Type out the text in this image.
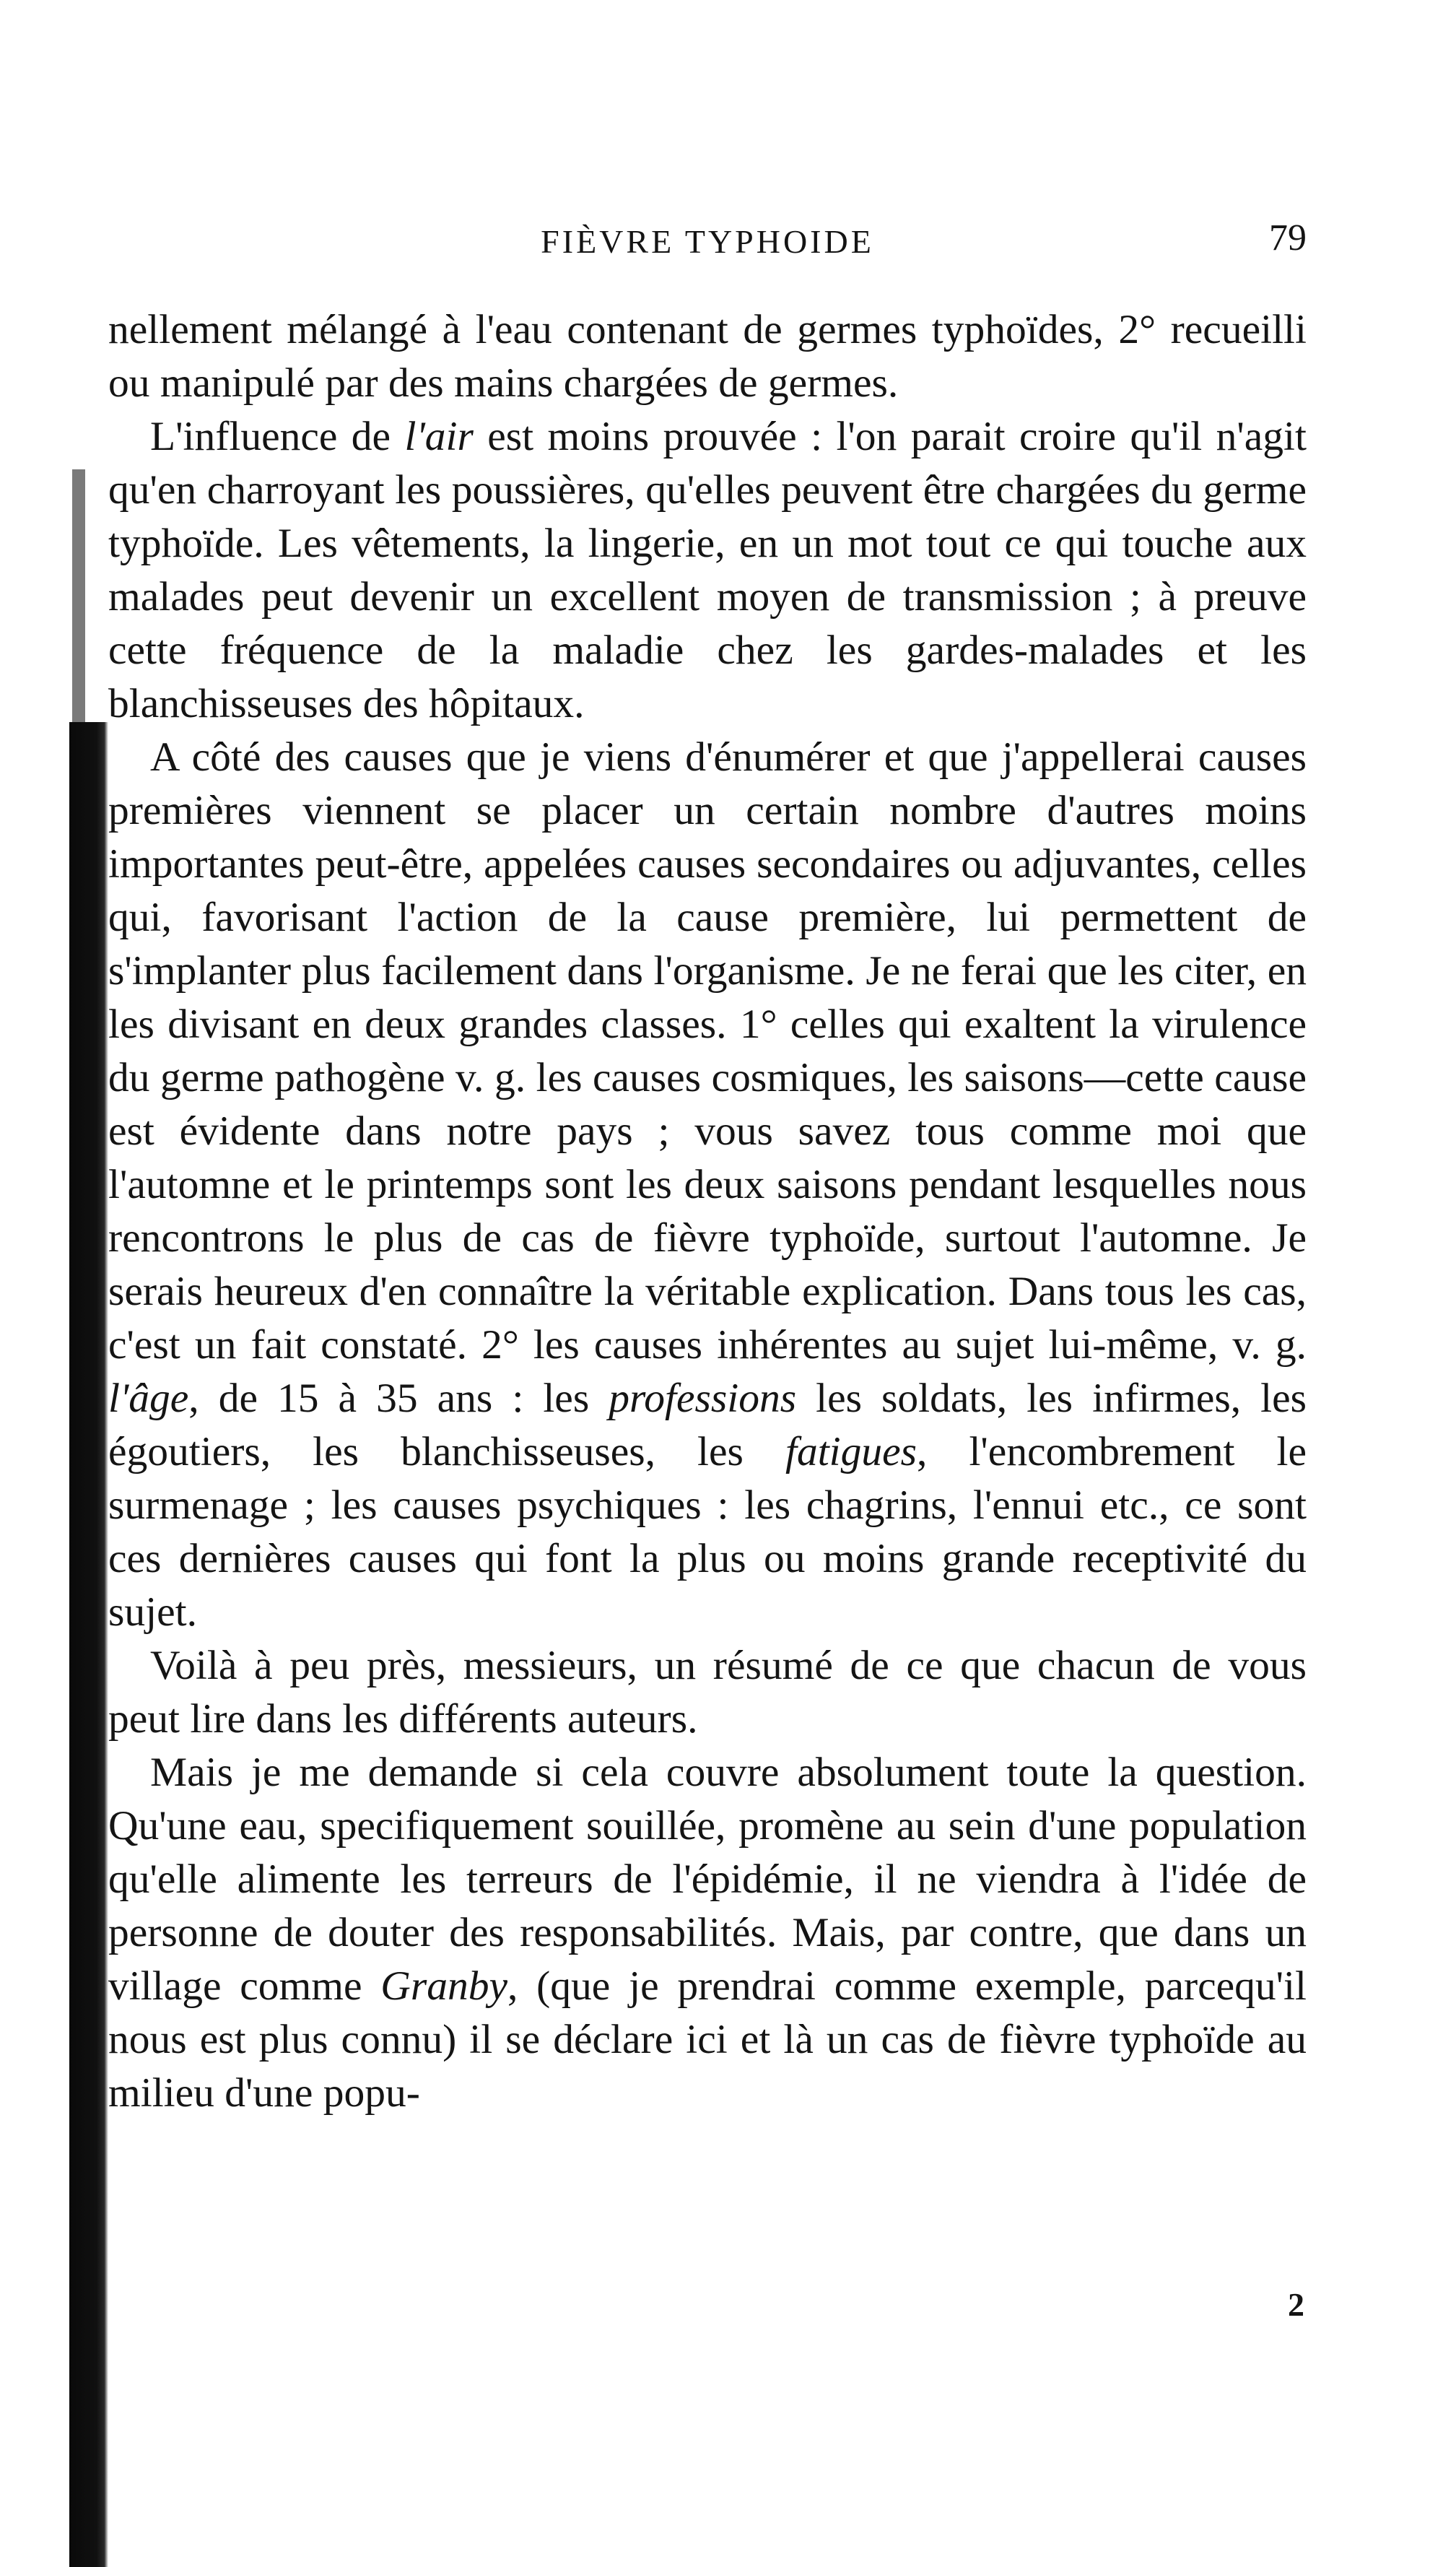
FIÈVRE TYPHOIDE	79

nellement mélangé à l'eau contenant de germes typhoïdes, 2° recueilli ou manipulé par des mains chargées de germes.

L'influence de l'air est moins prouvée : l'on parait croire qu'il n'agit qu'en charroyant les poussières, qu'elles peuvent être chargées du germe typhoïde. Les vêtements, la lingerie, en un mot tout ce qui touche aux malades peut devenir un excellent moyen de transmission ; à preuve cette fréquence de la maladie chez les gardes-malades et les blanchisseuses des hôpitaux.

A côté des causes que je viens d'énumérer et que j'appellerai causes premières viennent se placer un certain nombre d'autres moins importantes peut-être, appelées causes secondaires ou adjuvantes, celles qui, favorisant l'action de la cause première, lui permettent de s'implanter plus facilement dans l'organisme. Je ne ferai que les citer, en les divisant en deux grandes classes. 1° celles qui exaltent la virulence du germe pathogène v. g. les causes cosmiques, les saisons—cette cause est évidente dans notre pays ; vous savez tous comme moi que l'automne et le printemps sont les deux saisons pendant lesquelles nous rencontrons le plus de cas de fièvre typhoïde, surtout l'automne. Je serais heureux d'en connaître la véritable explication. Dans tous les cas, c'est un fait constaté. 2° les causes inhérentes au sujet lui-même, v. g. l'âge, de 15 à 35 ans : les professions les soldats, les infirmes, les égoutiers, les blanchisseuses, les fatigues, l'encombrement le surmenage ; les causes psychiques : les chagrins, l'ennui etc., ce sont ces dernières causes qui font la plus ou moins grande receptivité du sujet.

Voilà à peu près, messieurs, un résumé de ce que chacun de vous peut lire dans les différents auteurs.

Mais je me demande si cela couvre absolument toute la question. Qu'une eau, specifiquement souillée, promène au sein d'une population qu'elle alimente les terreurs de l'épidémie, il ne viendra à l'idée de personne de douter des responsabilités. Mais, par contre, que dans un village comme Granby, (que je prendrai comme exemple, parcequ'il nous est plus connu) il se déclare ici et là un cas de fièvre typhoïde au milieu d'une popu-

2
